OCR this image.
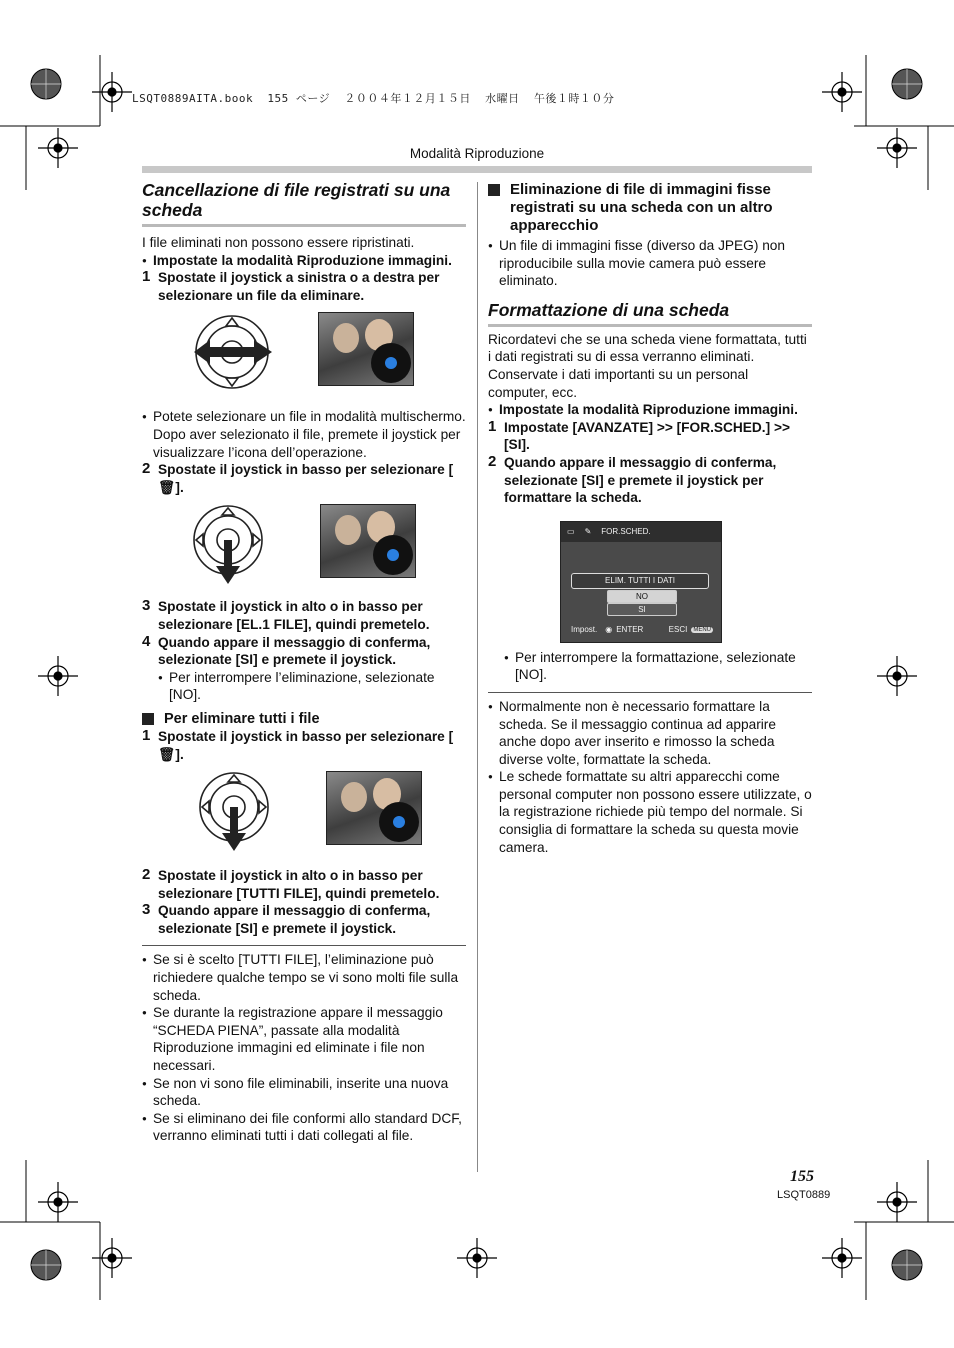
LSQT0889AITA.book  155 ページ  ２００４年１２月１５日  水曜日  午後１時１０分
Modalità Riproduzione
Cancellazione di file registrati su una scheda
I file eliminati non possono essere ripristinati.
● Impostate la modalità Riproduzione immagini.
1 Spostate il joystick a sinistra o a destra per selezionare un file da eliminare.
● Potete selezionare un file in modalità multischermo. Dopo aver selezionato il file, premete il joystick per visualizzare l’icona dell’operazione.
2 Spostate il joystick in basso per selezionare [ 🗑].
3 Spostate il joystick in alto o in basso per selezionare [EL.1 FILE], quindi premetelo.
4 Quando appare il messaggio di conferma, selezionate [SI] e premete il joystick.
● Per interrompere l’eliminazione, selezionate [NO].
Per eliminare tutti i file
1 Spostate il joystick in basso per selezionare [ 🗑].
2 Spostate il joystick in alto o in basso per selezionare [TUTTI FILE], quindi premetelo.
3 Quando appare il messaggio di conferma, selezionate [SI] e premete il joystick.
● Se si è scelto [TUTTI FILE], l’eliminazione può richiedere qualche tempo se vi sono molti file sulla scheda.
● Se durante la registrazione appare il messaggio “SCHEDA PIENA”, passate alla modalità Riproduzione immagini ed eliminate i file non necessari.
● Se non vi sono file eliminabili, inserite una nuova scheda.
● Se si eliminano dei file conformi allo standard DCF, verranno eliminati tutti i dati collegati al file.
Eliminazione di file di immagini fisse registrati su una scheda con un altro apparecchio
● Un file di immagini fisse (diverso da JPEG) non riproducibile sulla movie camera può essere eliminato.
Formattazione di una scheda
Ricordatevi che se una scheda viene formattata, tutti i dati registrati su di essa verranno eliminati. Conservate i dati importanti su un personal computer, ecc.
● Impostate la modalità Riproduzione immagini.
1 Impostate [AVANZATE] >> [FOR.SCHED.] >> [SI].
2 Quando appare il messaggio di conferma, selezionate [SI] e premete il joystick per formattare la scheda.
▭ ✎ FOR.SCHED.
ELIM. TUTTI I DATI
NO
SI
Impost. ◉ ENTER	ESCI	MENU
● Per interrompere la formattazione, selezionate [NO].
● Normalmente non è necessario formattare la scheda. Se il messaggio continua ad apparire anche dopo aver inserito e rimosso la scheda diverse volte, formattate la scheda.
● Le schede formattate su altri apparecchi come personal computer non possono essere utilizzate, o la registrazione richiede più tempo del normale. Si consiglia di formattare la scheda su questa movie camera.
155
LSQT0889
